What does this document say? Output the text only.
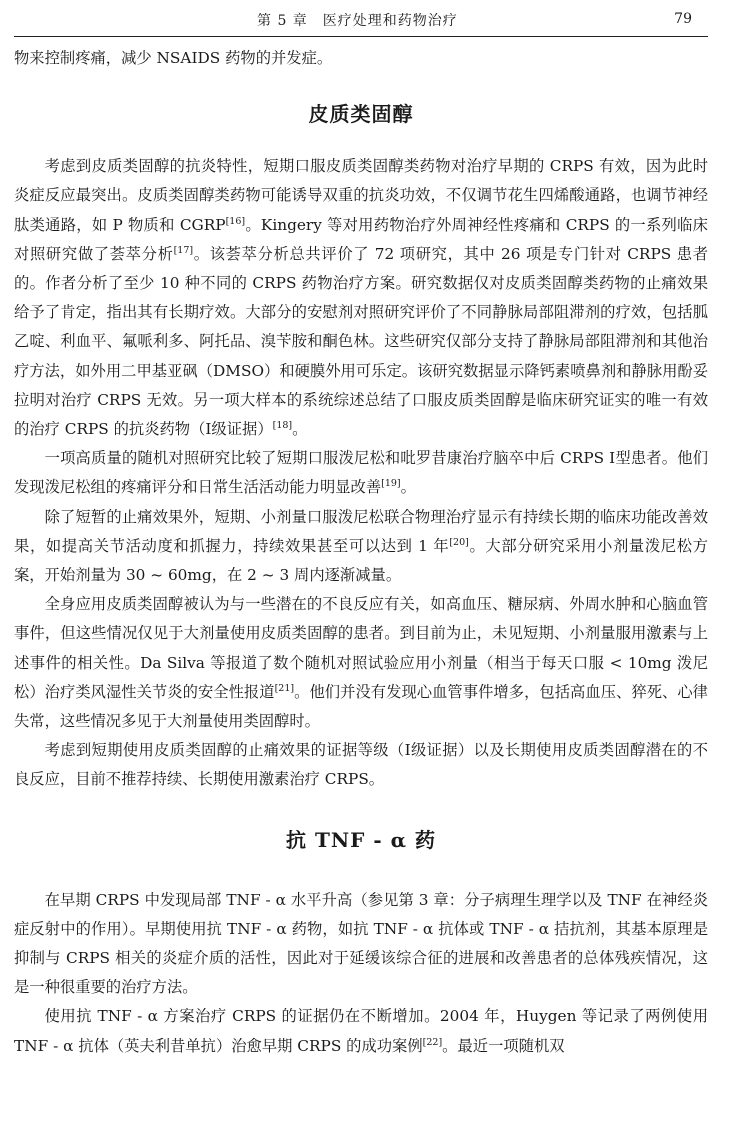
第 5 章　医疗处理和药物治疗	79

物来控制疼痛，减少 NSAIDS 药物的并发症。

皮质类固醇

考虑到皮质类固醇的抗炎特性，短期口服皮质类固醇类药物对治疗早期的 CRPS 有效，因为此时炎症反应最突出。皮质类固醇类药物可能诱导双重的抗炎功效，不仅调节花生四烯酸通路，也调节神经肽类通路，如 P 物质和 CGRP[16]。Kingery 等对用药物治疗外周神经性疼痛和 CRPS 的一系列临床对照研究做了荟萃分析[17]。该荟萃分析总共评价了 72 项研究，其中 26 项是专门针对 CRPS 患者的。作者分析了至少 10 种不同的 CRPS 药物治疗方案。研究数据仅对皮质类固醇类药物的止痛效果给予了肯定，指出其有长期疗效。大部分的安慰剂对照研究评价了不同静脉局部阻滞剂的疗效，包括胍乙啶、利血平、氟哌利多、阿托品、溴苄胺和酮色林。这些研究仅部分支持了静脉局部阻滞剂和其他治疗方法，如外用二甲基亚砜（DMSO）和硬膜外用可乐定。该研究数据显示降钙素喷鼻剂和静脉用酚妥拉明对治疗 CRPS 无效。另一项大样本的系统综述总结了口服皮质类固醇是临床研究证实的唯一有效的治疗 CRPS 的抗炎药物（Ⅰ级证据）[18]。

一项高质量的随机对照研究比较了短期口服泼尼松和吡罗昔康治疗脑卒中后 CRPS Ⅰ型患者。他们发现泼尼松组的疼痛评分和日常生活活动能力明显改善[19]。

除了短暂的止痛效果外，短期、小剂量口服泼尼松联合物理治疗显示有持续长期的临床功能改善效果，如提高关节活动度和抓握力，持续效果甚至可以达到 1 年[20]。大部分研究采用小剂量泼尼松方案，开始剂量为 30 ~ 60mg，在 2 ~ 3 周内逐渐减量。

全身应用皮质类固醇被认为与一些潜在的不良反应有关，如高血压、糖尿病、外周水肿和心脑血管事件，但这些情况仅见于大剂量使用皮质类固醇的患者。到目前为止，未见短期、小剂量服用激素与上述事件的相关性。Da Silva 等报道了数个随机对照试验应用小剂量（相当于每天口服 < 10mg 泼尼松）治疗类风湿性关节炎的安全性报道[21]。他们并没有发现心血管事件增多，包括高血压、猝死、心律失常，这些情况多见于大剂量使用类固醇时。

考虑到短期使用皮质类固醇的止痛效果的证据等级（Ⅰ级证据）以及长期使用皮质类固醇潜在的不良反应，目前不推荐持续、长期使用激素治疗 CRPS。

抗 TNF - α 药

在早期 CRPS 中发现局部 TNF - α 水平升高（参见第 3 章：分子病理生理学以及 TNF 在神经炎症反射中的作用）。早期使用抗 TNF - α 药物，如抗 TNF - α 抗体或 TNF - α 拮抗剂，其基本原理是抑制与 CRPS 相关的炎症介质的活性，因此对于延缓该综合征的进展和改善患者的总体残疾情况，这是一种很重要的治疗方法。

使用抗 TNF - α 方案治疗 CRPS 的证据仍在不断增加。2004 年，Huygen 等记录了两例使用 TNF - α 抗体（英夫利昔单抗）治愈早期 CRPS 的成功案例[22]。最近一项随机双
